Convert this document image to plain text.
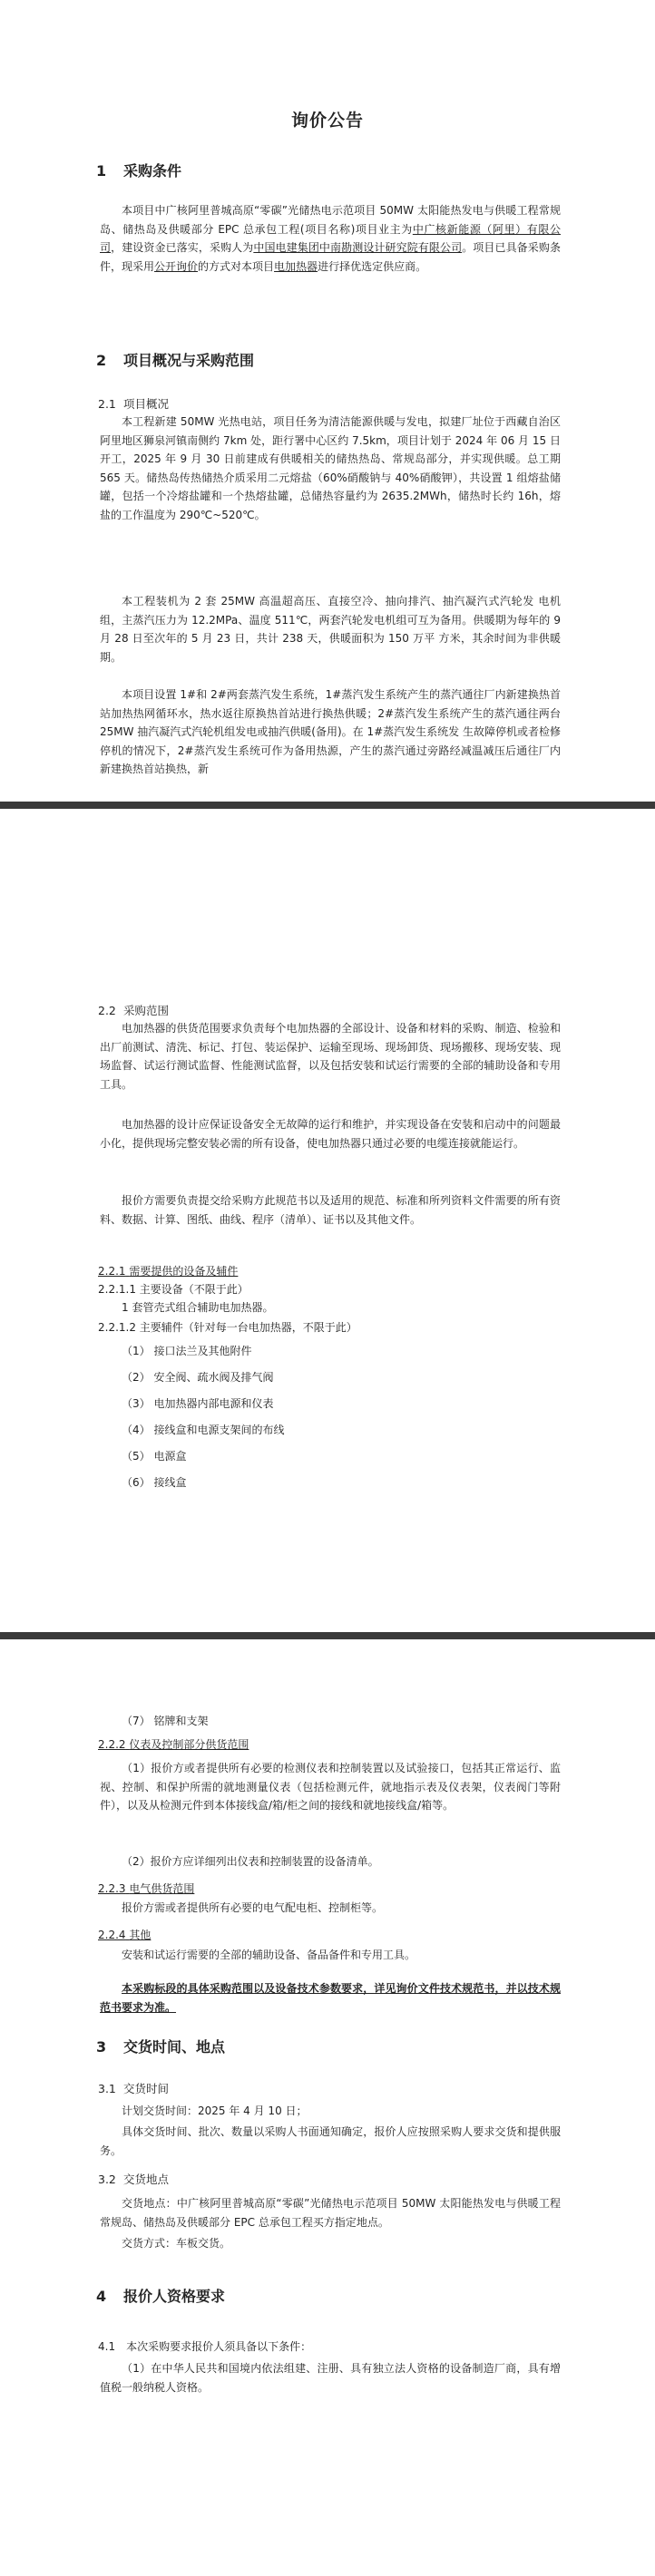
询价公告
1 采购条件

本项目中广核阿里普城高原“零碳”光储热电示范项目 50MW 太阳能热发电与供暖工程常规岛、储热岛及供暖部分 EPC 总承包工程(项目名称)项目业主为中广核新能源（阿里）有限公司，建设资金已落实，采购人为中国电建集团中南勘测设计研究院有限公司。项目已具备采购条件，现采用公开询价的方式对本项目电加热器进行择优选定供应商。

2 项目概况与采购范围
2.1 项目概况

本工程新建 50MW 光热电站，项目任务为清洁能源供暖与发电，拟建厂址位于西藏自治区阿里地区狮泉河镇南侧约 7km 处，距行署中心区约 7.5km，项目计划于 2024 年 06 月 15 日开工，2025 年 9 月 30 日前建成有供暖相关的储热热岛、常规岛部分，并实现供暖。总工期 565 天。储热岛传热储热介质采用二元熔盐（60%硝酸钠与 40%硝酸钾），共设置 1 组熔盐储罐，包括一个冷熔盐罐和一个热熔盐罐，总储热容量约为 2635.2MWh，储热时长约 16h，熔盐的工作温度为 290℃~520℃。

本工程装机为 2 套 25MW 高温超高压、直接空冷、抽向排汽、抽汽凝汽式汽轮发 电机组，主蒸汽压力为 12.2MPa、温度 511℃，两套汽轮发电机组可互为备用。供暖期为每年的 9 月 28 日至次年的 5 月 23 日，共计 238 天，供暖面积为 150 万平 方米，其余时间为非供暖期。

本项目设置 1#和 2#两套蒸汽发生系统，1#蒸汽发生系统产生的蒸汽通往厂内新建换热首站加热热网循环水，热水返往原换热首站进行换热供暖；2#蒸汽发生系统产生的蒸汽通往两台 25MW 抽汽凝汽式汽轮机组发电或抽汽供暖(备用)。在 1#蒸汽发生系统发 生故障停机或者检修停机的情况下，2#蒸汽发生系统可作为备用热源，产生的蒸汽通过旁路经减温减压后通往厂内新建换热首站换热，新

2.2 采购范围

电加热器的供货范围要求负责每个电加热器的全部设计、设备和材料的采购、制造、检验和出厂前测试、清洗、标记、打包、装运保护、运输至现场、现场卸货、现场搬移、现场安装、现场监督、试运行测试监督、性能测试监督，以及包括安装和试运行需要的全部的辅助设备和专用工具。

电加热器的设计应保证设备安全无故障的运行和维护，并实现设备在安装和启动中的问题最小化，提供现场完整安装必需的所有设备，使电加热器只通过必要的电缆连接就能运行。

报价方需要负责提交给采购方此规范书以及适用的规范、标准和所列资料文件需要的所有资料、数据、计算、图纸、曲线、程序（清单）、证书以及其他文件。

2.2.1 需要提供的设备及辅件
2.2.1.1 主要设备（不限于此）
1 套管壳式组合辅助电加热器。
2.2.1.2 主要辅件（针对每一台电加热器，不限于此）
（1） 接口法兰及其他附件
（2） 安全阀、疏水阀及排气阀
（3） 电加热器内部电源和仪表
（4） 接线盒和电源支架间的布线
（5） 电源盒
（6） 接线盒
（7） 铭牌和支架
2.2.2 仪表及控制部分供货范围

（1）报价方或者提供所有必要的检测仪表和控制装置以及试验接口，包括其正常运行、监视、控制、和保护所需的就地测量仪表（包括检测元件，就地指示表及仪表架，仪表阀门等附件），以及从检测元件到本体接线盒/箱/柜之间的接线和就地接线盒/箱等。

（2）报价方应详细列出仪表和控制装置的设备清单。

2.2.3 电气供货范围

报价方需或者提供所有必要的电气配电柜、控制柜等。

2.2.4 其他

安装和试运行需要的全部的辅助设备、备品备件和专用工具。

本采购标段的具体采购范围以及设备技术参数要求，详见询价文件技术规范书，并以技术规范书要求为准。

3 交货时间、地点
3.1 交货时间

计划交货时间：2025 年 4 月 10 日；

具体交货时间、批次、数量以采购人书面通知确定，报价人应按照采购人要求交货和提供服务。

3.2 交货地点

交货地点：中广核阿里普城高原“零碳”光储热电示范项目 50MW 太阳能热发电与供暖工程常规岛、储热岛及供暖部分 EPC 总承包工程买方指定地点。

交货方式：车板交货。

4 报价人资格要求

4.1　本次采购要求报价人须具备以下条件：

（1）在中华人民共和国境内依法组建、注册、具有独立法人资格的设备制造厂商，具有增值税一般纳税人资格。
